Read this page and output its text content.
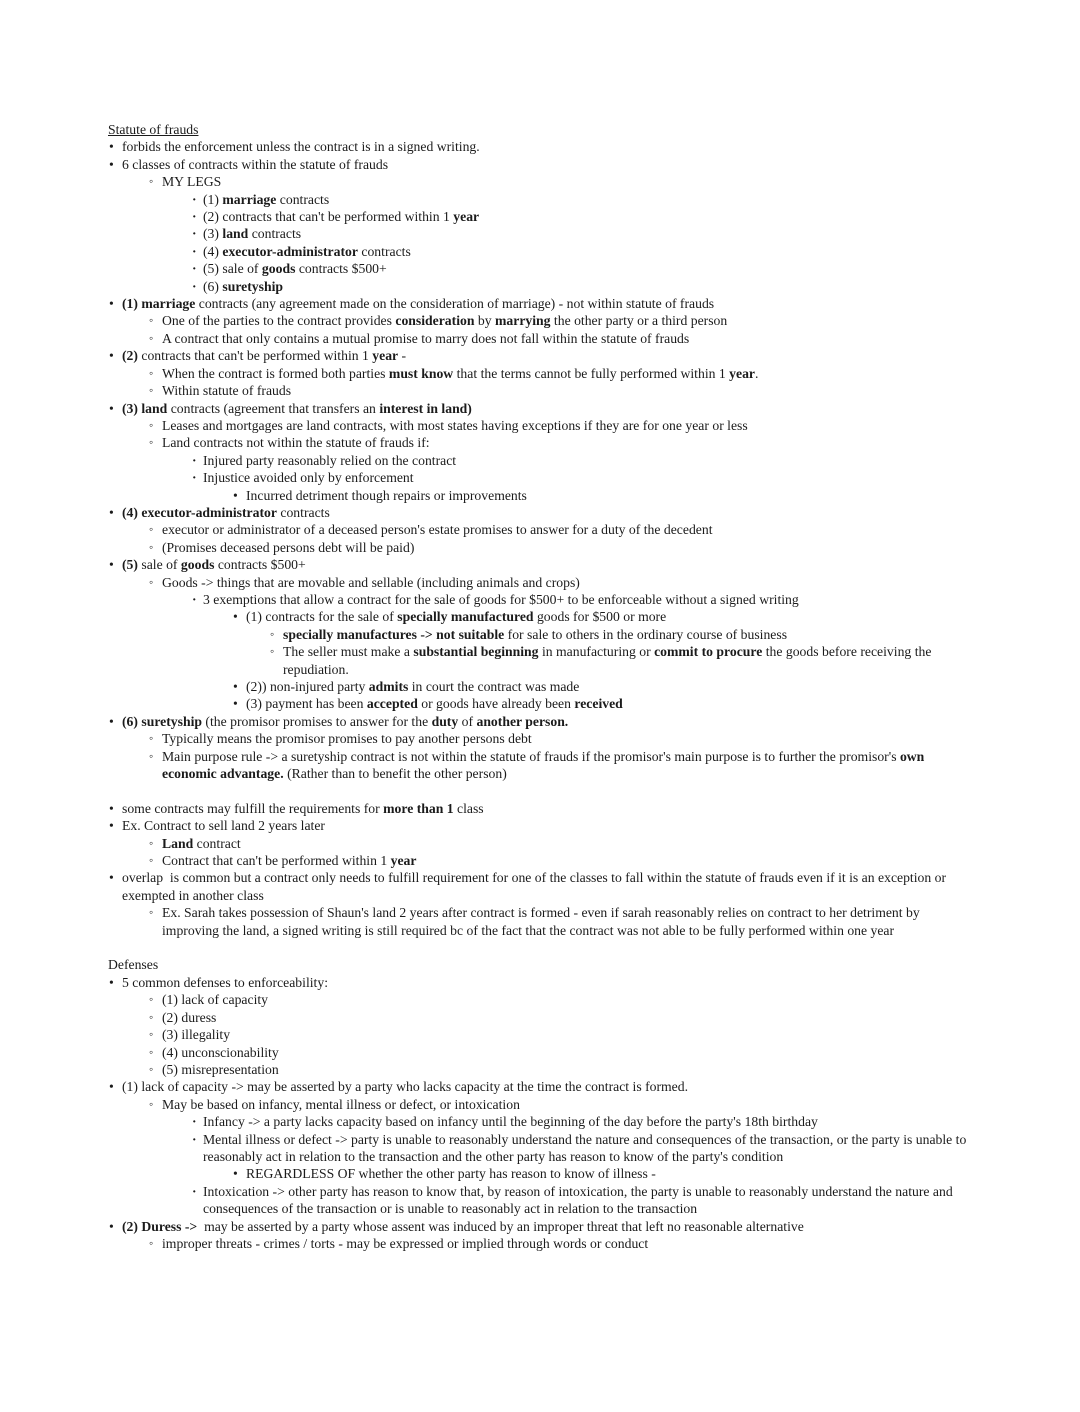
Statute of frauds
• forbids the enforcement unless the contract is in a signed writing.
• 6 classes of contracts within the statute of frauds
◦ MY LEGS
· (1) marriage contracts
· (2) contracts that can't be performed within 1 year
· (3) land contracts
· (4) executor-administrator contracts
· (5) sale of goods contracts $500+
· (6) suretyship
• (1) marriage contracts (any agreement made on the consideration of marriage) - not within statute of frauds
◦ One of the parties to the contract provides consideration by marrying the other party or a third person
◦ A contract that only contains a mutual promise to marry does not fall within the statute of frauds
• (2) contracts that can't be performed within 1 year -
◦ When the contract is formed both parties must know that the terms cannot be fully performed within 1 year.
◦ Within statute of frauds
• (3) land contracts (agreement that transfers an interest in land)
◦ Leases and mortgages are land contracts, with most states having exceptions if they are for one year or less
◦ Land contracts not within the statute of frauds if:
· Injured party reasonably relied on the contract
· Injustice avoided only by enforcement
• Incurred detriment though repairs or improvements
• (4) executor-administrator contracts
◦ executor or administrator of a deceased person's estate promises to answer for a duty of the decedent
◦ (Promises deceased persons debt will be paid)
• (5) sale of goods contracts $500+
◦ Goods -> things that are movable and sellable (including animals and crops)
· 3 exemptions that allow a contract for the sale of goods for $500+ to be enforceable without a signed writing
• (1) contracts for the sale of specially manufactured goods for $500 or more
◦ specially manufactures -> not suitable for sale to others in the ordinary course of business
◦ The seller must make a substantial beginning in manufacturing or commit to procure the goods before receiving the repudiation.
• (2)) non-injured party admits in court the contract was made
• (3) payment has been accepted or goods have already been received
• (6) suretyship (the promisor promises to answer for the duty of another person.
◦ Typically means the promisor promises to pay another persons debt
◦ Main purpose rule -> a suretyship contract is not within the statute of frauds if the promisor's main purpose is to further the promisor's own economic advantage. (Rather than to benefit the other person)
• some contracts may fulfill the requirements for more than 1 class
• Ex. Contract to sell land 2 years later
◦ Land contract
◦ Contract that can't be performed within 1 year
• overlap  is common but a contract only needs to fulfill requirement for one of the classes to fall within the statute of frauds even if it is an exception or exempted in another class
◦ Ex. Sarah takes possession of Shaun's land 2 years after contract is formed - even if sarah reasonably relies on contract to her detriment by improving the land, a signed writing is still required bc of the fact that the contract was not able to be fully performed within one year
Defenses
• 5 common defenses to enforceability:
◦ (1) lack of capacity
◦ (2) duress
◦ (3) illegality
◦ (4) unconscionability
◦ (5) misrepresentation
• (1) lack of capacity -> may be asserted by a party who lacks capacity at the time the contract is formed.
◦ May be based on infancy, mental illness or defect, or intoxication
· Infancy -> a party lacks capacity based on infancy until the beginning of the day before the party's 18th birthday
· Mental illness or defect -> party is unable to reasonably understand the nature and consequences of the transaction, or the party is unable to reasonably act in relation to the transaction and the other party has reason to know of the party's condition
• REGARDLESS OF whether the other party has reason to know of illness -
· Intoxication -> other party has reason to know that, by reason of intoxication, the party is unable to reasonably understand the nature and consequences of the transaction or is unable to reasonably act in relation to the transaction
• (2) Duress ->  may be asserted by a party whose assent was induced by an improper threat that left no reasonable alternative
◦ improper threats - crimes / torts - may be expressed or implied through words or conduct
